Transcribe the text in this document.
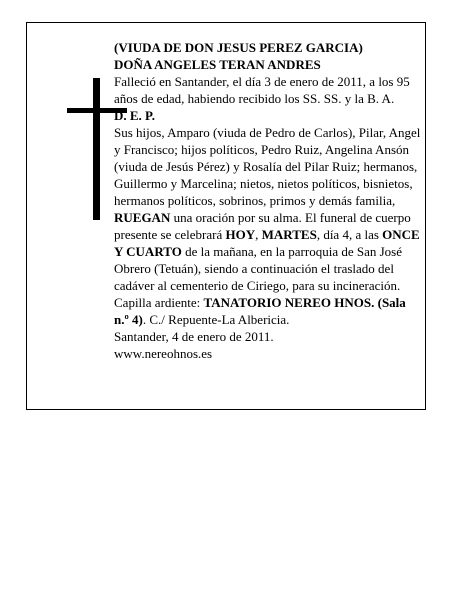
(VIUDA DE DON JESUS PEREZ GARCIA)

DOÑA ANGELES TERAN ANDRES

Falleció en Santander, el día 3 de enero de 2011, a los 95 años de edad, habiendo recibido los SS. SS. y la B. A.

D. E. P.

Sus hijos, Amparo (viuda de Pedro de Carlos), Pilar, Angel y Francisco; hijos políticos, Pedro Ruiz, Angelina Ansón (viuda de Jesús Pérez) y Rosalía del Pilar Ruiz; hermanos, Guillermo y Marcelina; nietos, nietos políticos, bisnietos, hermanos políticos, sobrinos, primos y demás familia,

RUEGAN una oración por su alma. El funeral de cuerpo presente se celebrará HOY, MARTES, día 4, a las ONCE Y CUARTO de la mañana, en la parroquia de San José Obrero (Tetuán), siendo a continuación el traslado del cadáver al cementerio de Ciriego, para su incineración. Capilla ardiente: TANATORIO NEREO HNOS. (Sala n.º 4). C./ Repuente-La Albericia.

Santander, 4 de enero de 2011.

www.nereohnos.es
